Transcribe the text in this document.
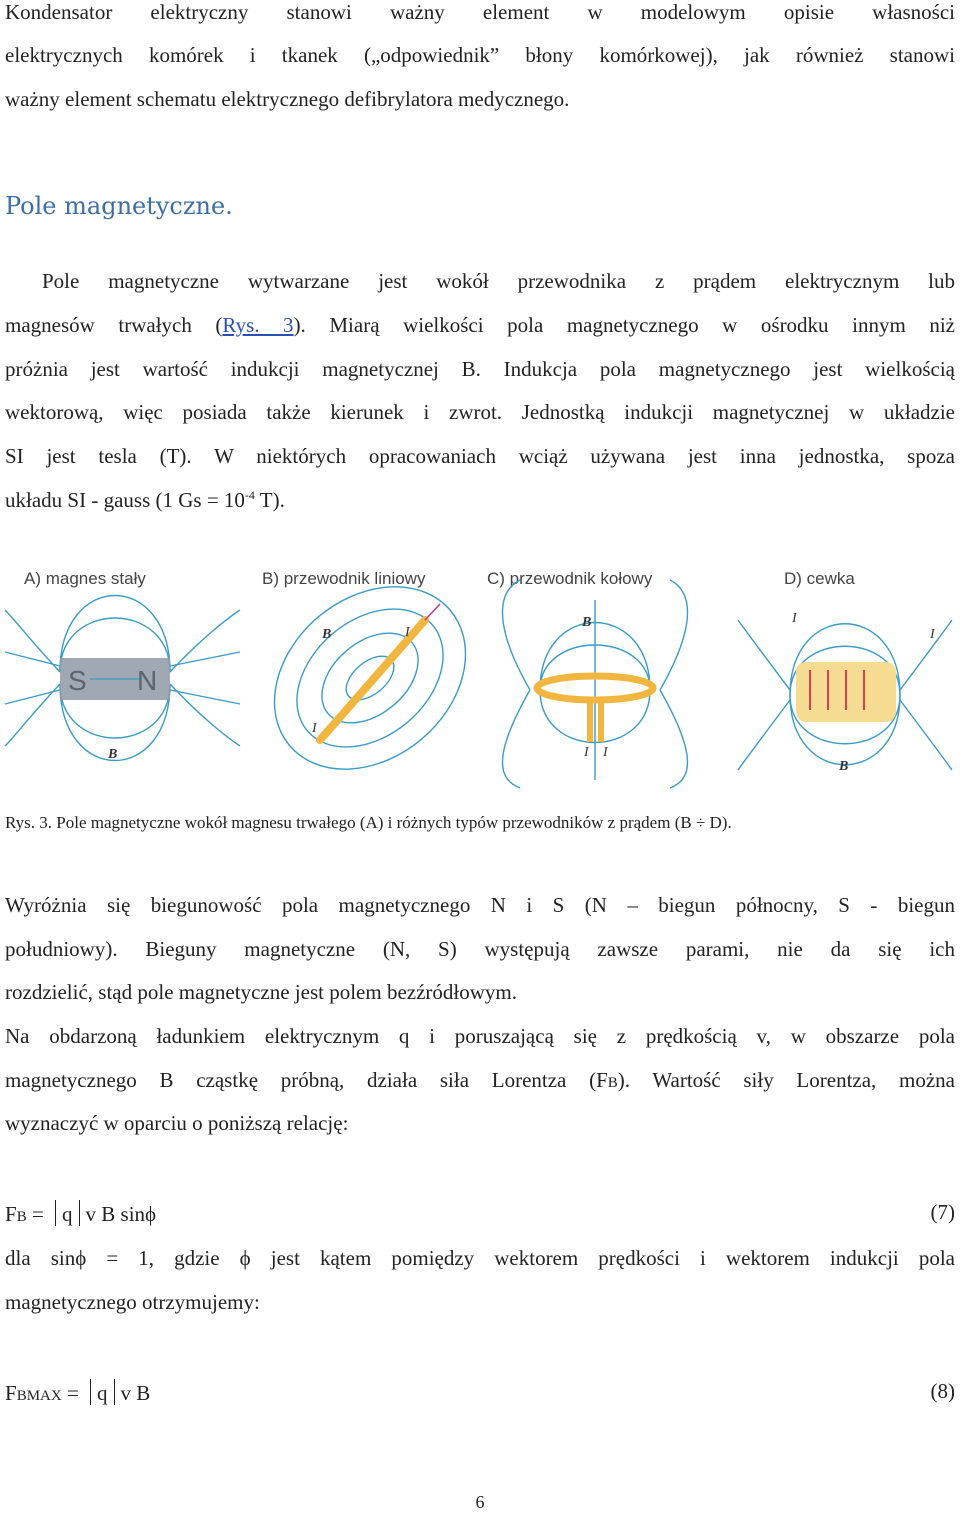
Kondensator elektryczny stanowi ważny element w modelowym opisie własności
elektrycznych komórek i tkanek („odpowiednik” błony komórkowej), jak również stanowi
ważny element schematu elektrycznego defibrylatora medycznego.
Pole magnetyczne.
Pole magnetyczne wytwarzane jest wokół przewodnika z prądem elektrycznym lub
magnesów trwałych (Rys. 3). Miarą wielkości pola magnetycznego w ośrodku innym niż
próżnia jest wartość indukcji magnetycznej B. Indukcja pola magnetycznego jest wielkością
wektorową, więc posiada także kierunek i zwrot. Jednostką indukcji magnetycznej w układzie
SI jest tesla (T). W niektórych opracowaniach wciąż używana jest inna jednostka, spoza
układu SI - gauss (1 $Gs = 10^{-4}$ T).
A) magnes stały
S N
B
B) przewodnik liniowy
B	I
I
C) przewodnik kołowy
B
I I
D) cewka
B
I
I
Rys. 3. Pole magnetyczne wokół magnesu trwałego (A) i różnych typów przewodników z prądem (B ÷ D).
Wyróżnia się biegunowość pola magnetycznego N i S (N – biegun północny, S - biegun
południowy). Bieguny magnetyczne (N, S) występują zawsze parami, nie da się ich
rozdzielić, stąd pole magnetyczne jest polem bezźródłowym.
Na obdarzoną ładunkiem elektrycznym q i poruszającą się z prędkością v, w obszarze pola
magnetycznego B cząstkę próbną, działa siła Lorentza (FB). Wartość siły Lorentza, można
wyznaczyć w oparciu o poniższą relację:
FB = q v B sinϕ	(7)
dla sinϕ = 1, gdzie ϕ jest kątem pomiędzy wektorem prędkości i wektorem indukcji pola
magnetycznego otrzymujemy:
FBMAX = q v B	(8)
6
